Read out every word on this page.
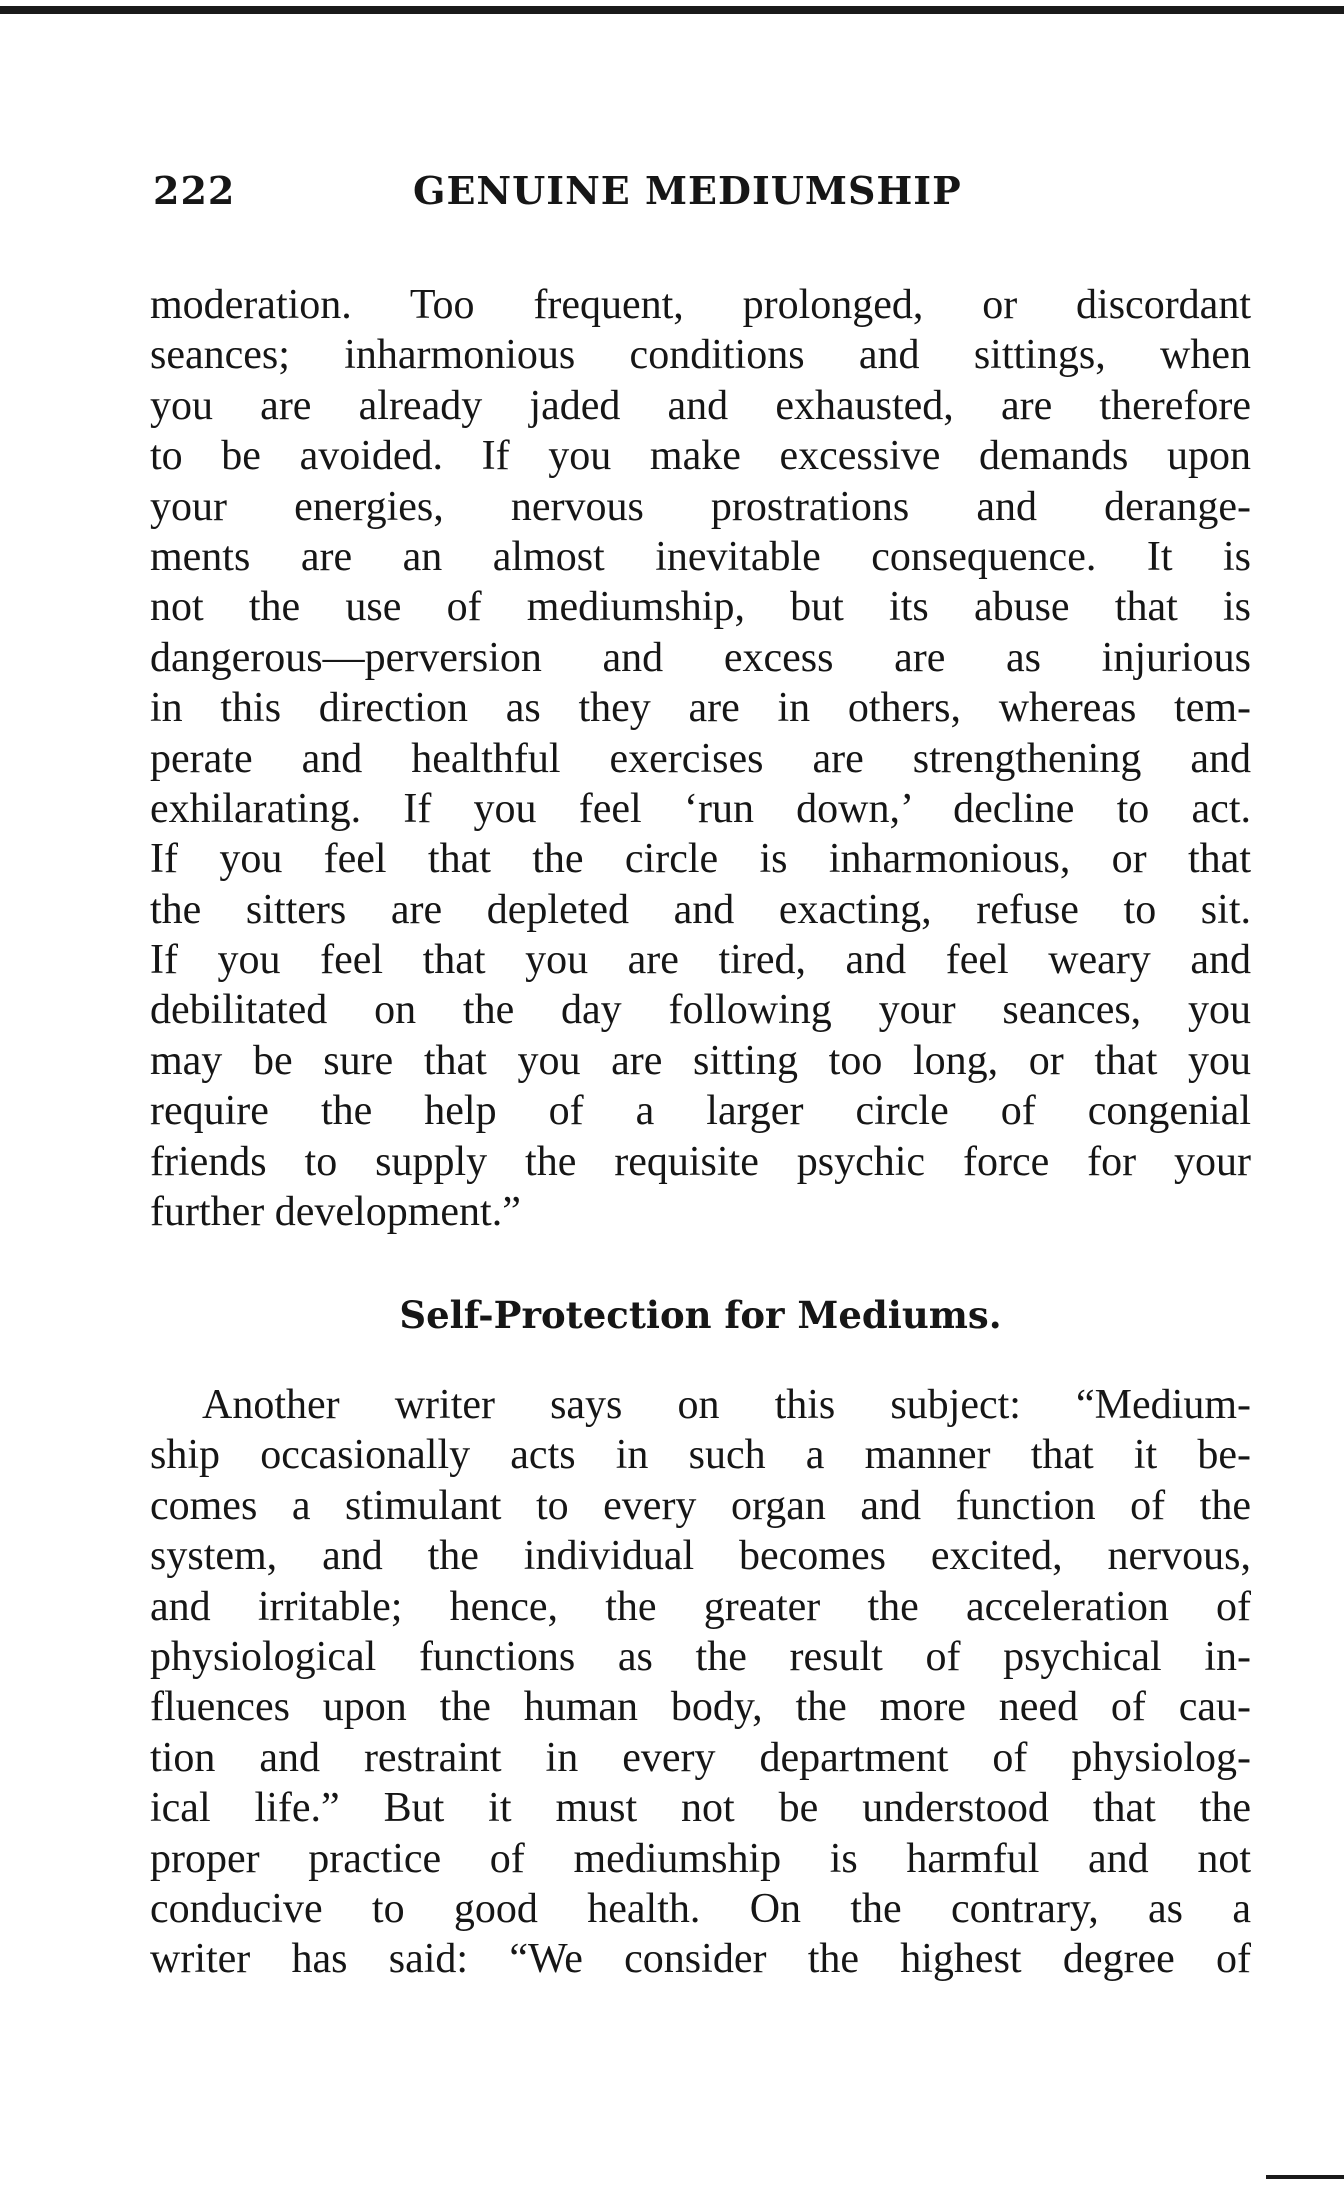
222	GENUINE MEDIUMSHIP
moderation. Too frequent, prolonged, or discordant
seances; inharmonious conditions and sittings, when
you are already jaded and exhausted, are therefore
to be avoided. If you make excessive demands upon
your energies, nervous prostrations and derange-
ments are an almost inevitable consequence. It is
not the use of mediumship, but its abuse that is
dangerous—perversion and excess are as injurious
in this direction as they are in others, whereas tem-
perate and healthful exercises are strengthening and
exhilarating. If you feel ‘run down,’ decline to act.
If you feel that the circle is inharmonious, or that
the sitters are depleted and exacting, refuse to sit.
If you feel that you are tired, and feel weary and
debilitated on the day following your seances, you
may be sure that you are sitting too long, or that you
require the help of a larger circle of congenial
friends to supply the requisite psychic force for your
further development.”
Self-Protection for Mediums.
Another writer says on this subject: “Medium-
ship occasionally acts in such a manner that it be-
comes a stimulant to every organ and function of the
system, and the individual becomes excited, nervous,
and irritable; hence, the greater the acceleration of
physiological functions as the result of psychical in-
fluences upon the human body, the more need of cau-
tion and restraint in every department of physiolog-
ical life.” But it must not be understood that the
proper practice of mediumship is harmful and not
conducive to good health. On the contrary, as a
writer has said: “We consider the highest degree of
